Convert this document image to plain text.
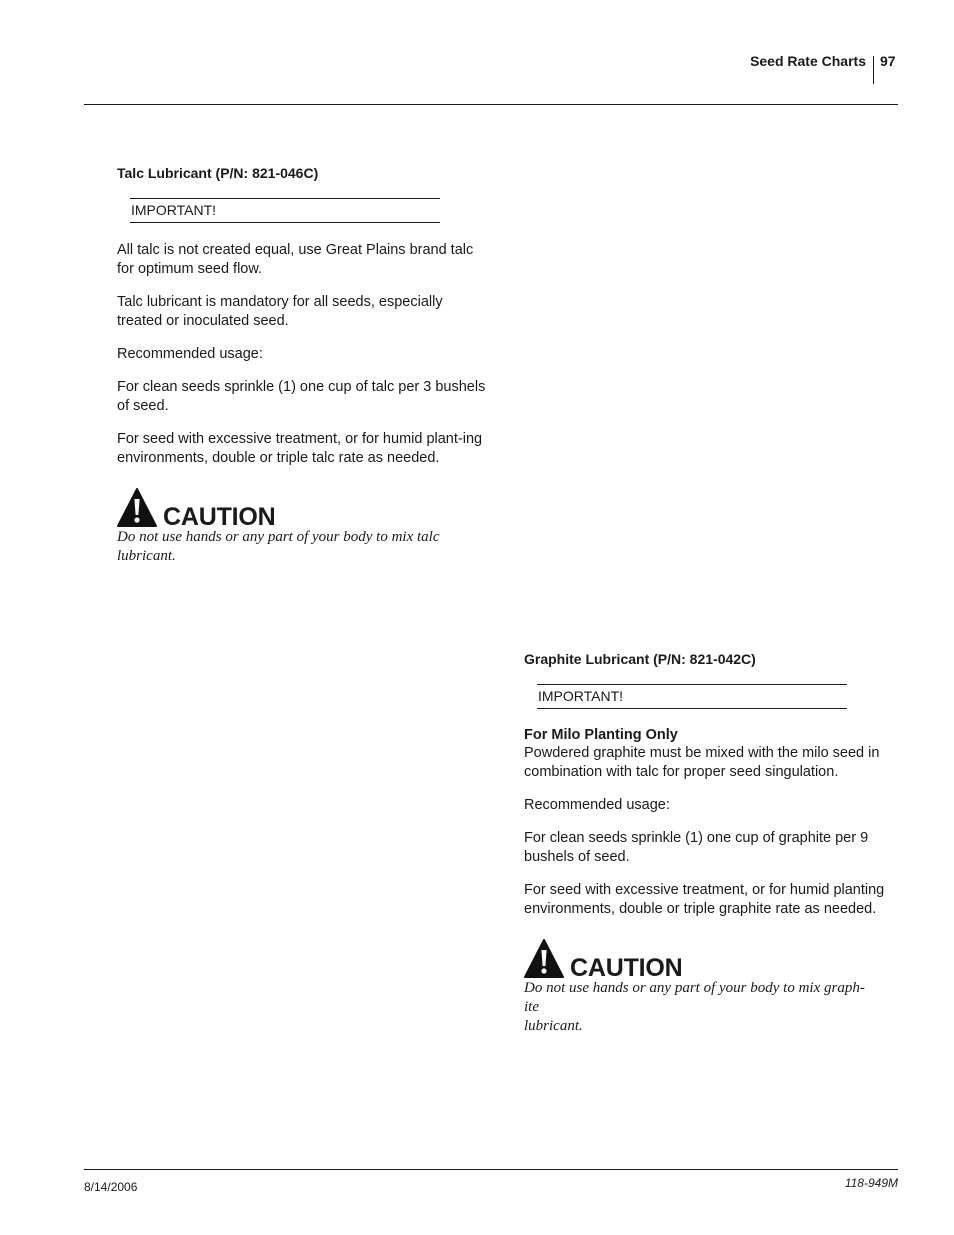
Seed Rate Charts 97
Talc Lubricant (P/N: 821-046C)
IMPORTANT!

All talc is not created equal, use Great Plains brand talc for optimum seed flow.

Talc lubricant is mandatory for all seeds, especially treated or inoculated seed.

Recommended usage:

For clean seeds sprinkle (1) one cup of talc per 3 bushels of seed.

For seed with excessive treatment, or for humid plant-ing environments, double or triple talc rate as needed.

CAUTION
Do not use hands or any part of your body to mix talc lubricant.
Graphite Lubricant (P/N: 821-042C)
IMPORTANT!

For Milo Planting Only

Powdered graphite must be mixed with the milo seed in combination with talc for proper seed singulation.

Recommended usage:

For clean seeds sprinkle (1) one cup of graphite per 9 bushels of seed.

For seed with excessive treatment, or for humid planting environments, double or triple graphite rate as needed.

CAUTION
Do not use hands or any part of your body to mix graph-
ite
lubricant.
8/14/2006	118-949M
